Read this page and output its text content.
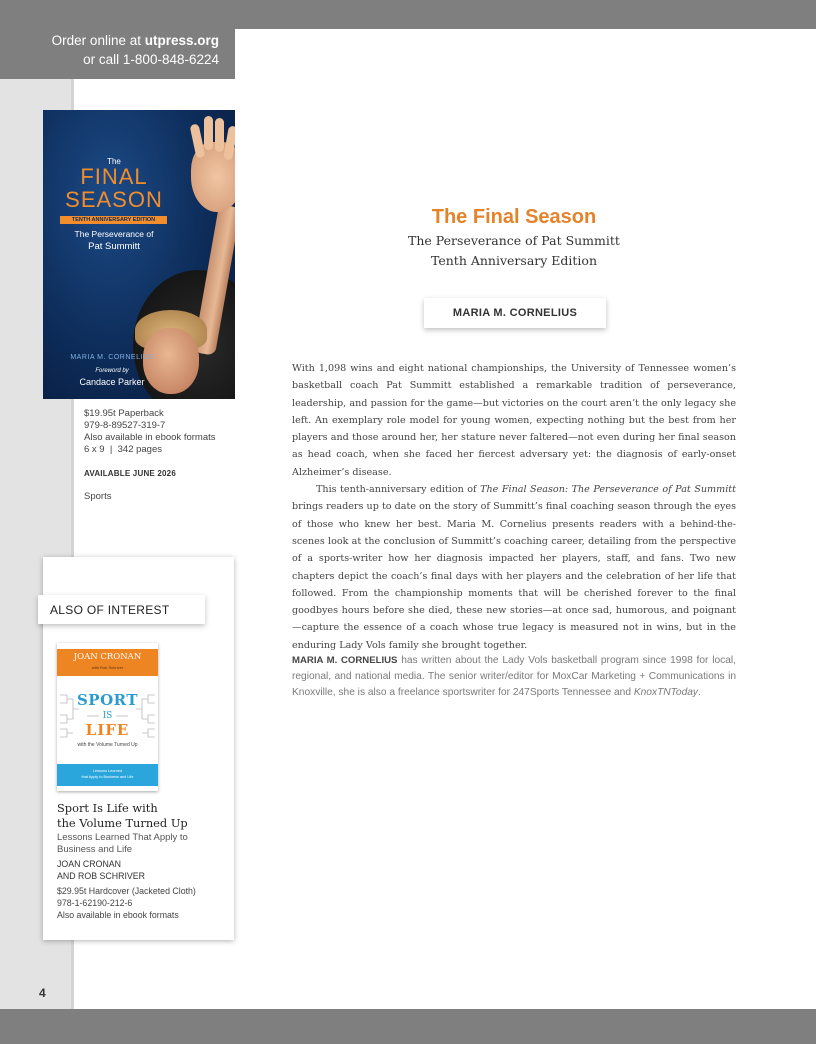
Order online at utpress.org
or call 1-800-848-6224
The
FINAL
SEASON
TENTH ANNIVERSARY EDITION
The Perseverance of
Pat Summitt
MARIA M. CORNELIUS
Foreword by
Candace Parker
$19.95t Paperback
979-8-89527-319-7
Also available in ebook formats
6 x 9  |  342 pages
AVAILABLE JUNE 2026
Sports
The Final Season
The Perseverance of Pat Summitt
Tenth Anniversary Edition
MARIA M. CORNELIUS

With 1,098 wins and eight national championships, the University of Tennessee women’s basketball coach Pat Summitt established a remarkable tradition of perseverance, leadership, and passion for the game—but victories on the court aren’t the only legacy she left. An exemplary role model for young women, expecting nothing but the best from her players and those around her, her stature never faltered—not even during her final season as head coach, when she faced her fiercest adversary yet: the diagnosis of early-onset Alzheimer’s disease.

This tenth-anniversary edition of The Final Season: The Perseverance of Pat Summitt brings readers up to date on the story of Summitt’s final coaching season through the eyes of those who knew her best. Maria M. Cornelius presents readers with a behind-the-scenes look at the conclusion of Summitt’s coaching career, detailing from the perspective of a sports-writer how her diagnosis impacted her players, staff, and fans. Two new chapters depict the coach’s final days with her players and the celebration of her life that followed. From the championship moments that will be cherished forever to the final goodbyes hours before she died, these new stories—at once sad, humorous, and poignant—capture the essence of a coach whose true legacy is measured not in wins, but in the enduring Lady Vols family she brought together.

MARIA M. CORNELIUS has written about the Lady Vols basketball program since 1998 for local, regional, and national media. The senior writer/editor for MoxCar Marketing + Communications in Knoxville, she is also a freelance sportswriter for 247Sports Tennessee and KnoxTNToday.
ALSO OF INTEREST
JOAN CRONAN
with Rob Schriver
SPORT
IS
LIFE
with the Volume Turned Up
Lessons Learned
that Apply to Business and Life
Sport Is Life with
the Volume Turned Up
Lessons Learned That Apply to
Business and Life
JOAN CRONAN
AND ROB SCHRIVER
$29.95t Hardcover (Jacketed Cloth)
978-1-62190-212-6
Also available in ebook formats
4
